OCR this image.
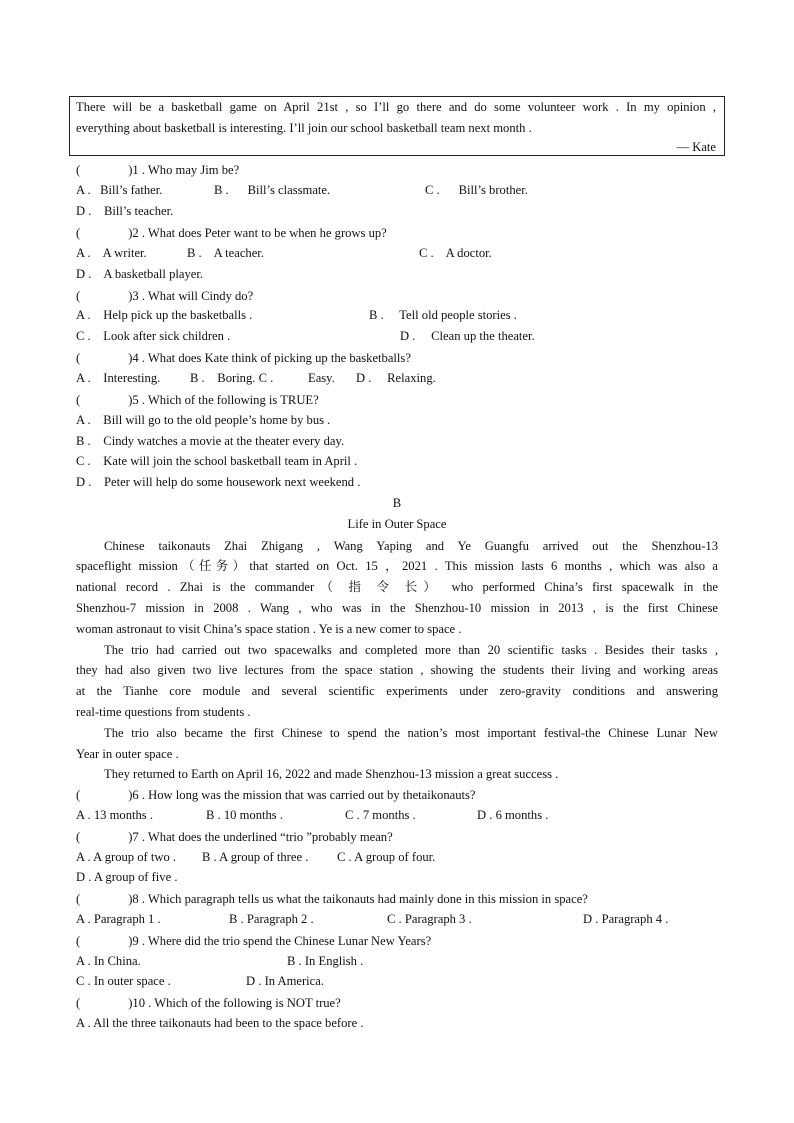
There will be a basketball game on April 21st , so I’ll go there and do some volunteer work . In my opinion ,
everything about basketball is interesting. I’ll join our school basketball team next month .
— Kate
(	)1 . Who may Jim be?
A . Bill’s father.	B . Bill’s classmate.	C . Bill’s brother.
D . Bill’s teacher.
(	)2 . What does Peter want to be when he grows up?
A . A writer.	B . A teacher.	C . A doctor.
D . A basketball player.
(	)3 . What will Cindy do?
A . Help pick up the basketballs .	B . Tell old people stories .
C . Look after sick children .	D . Clean up the theater.
(	)4 . What does Kate think of picking up the basketballs?
A . Interesting. B . Boring. C .	Easy. D . Relaxing.
(	)5 . Which of the following is TRUE?
A . Bill will go to the old people’s home by bus .
B . Cindy watches a movie at the theater every day.
C . Kate will join the school basketball team in April .
D . Peter will help do some housework next weekend .
B
Life in Outer Space
Chinese taikonauts Zhai Zhigang , Wang Yaping and Ye Guangfu arrived out the Shenzhou-13
spaceflight mission（任务）that started on Oct. 15 ，2021 . This mission lasts 6 months , which was also a
national record . Zhai is the commander（ 指 令 长） who performed China’s first spacewalk in the
Shenzhou-7 mission in 2008 . Wang , who was in the Shenzhou-10 mission in 2013 , is the first Chinese
woman astronaut to visit China’s space station . Ye is a new comer to space .
The trio had carried out two spacewalks and completed more than 20 scientific tasks . Besides their tasks ,
they had also given two live lectures from the space station , showing the students their living and working areas
at the Tianhe core module and several scientific experiments under zero-gravity conditions and answering
real-time questions from students .
The trio also became the first Chinese to spend the nation’s most important festival-the Chinese Lunar New
Year in outer space .
They returned to Earth on April 16, 2022 and made Shenzhou-13 mission a great success .
(	)6 . How long was the mission that was carried out by thetaikonauts?
A . 13 months .	B . 10 months .	C . 7 months .	D . 6 months .
(	)7 . What does the underlined “trio ”probably mean?
A . A group of two . B . A group of three . C . A group of four.
D . A group of five .
(	)8 . Which paragraph tells us what the taikonauts had mainly done in this mission in space?
A . Paragraph 1 .	B . Paragraph 2 .	C . Paragraph 3 .	D . Paragraph 4 .
(	)9 . Where did the trio spend the Chinese Lunar New Years?
A . In China.	B . In English .
C . In outer space .	D . In America.
(	)10 . Which of the following is NOT true?
A . All the three taikonauts had been to the space before .
